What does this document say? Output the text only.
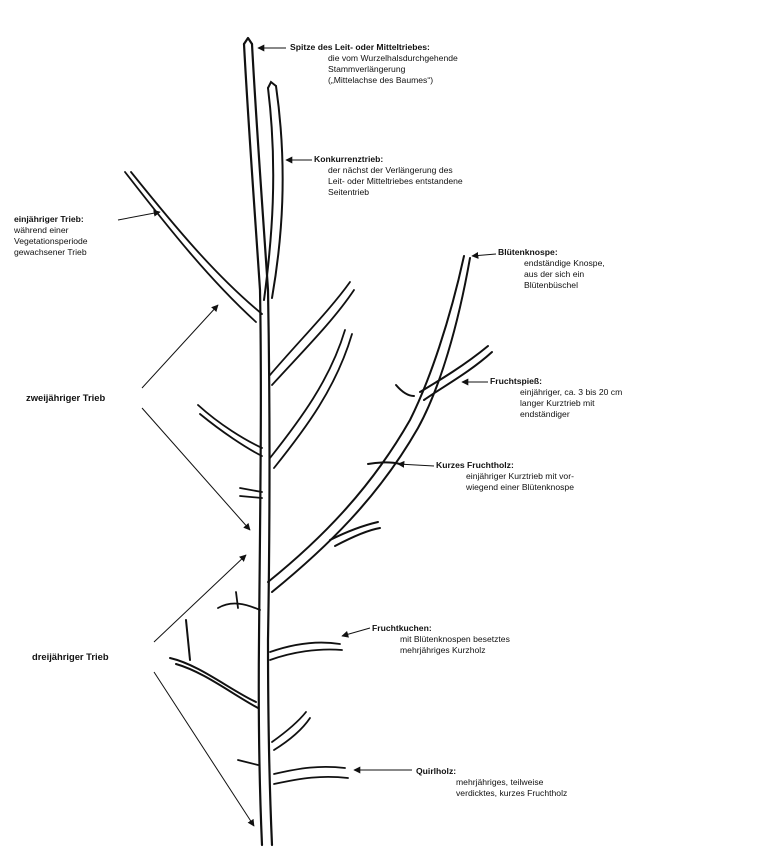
Spitze des Leit- oder Mitteltriebes:
die vom Wurzelhalsdurchgehende
Stammverlängerung
(„Mittelachse des Baumes“)
Konkurrenztrieb:
der nächst der Verlängerung des
Leit- oder Mitteltriebes entstandene
Seitentrieb
einjähriger Trieb:
während einer
Vegetationsperiode
gewachsener Trieb	Blütenknospe:
endständige Knospe,
aus der sich ein
Blütenbüschel
zweijähriger Trieb
Fruchtspieß:
einjähriger, ca. 3 bis 20 cm
langer Kurztrieb mit
endständiger
Kurzes Fruchtholz:
einjähriger Kurztrieb mit vor-
wiegend einer Blütenknospe
Fruchtkuchen:
mit Blütenknospen besetztes
mehrjähriges Kurzholz
dreijähriger Trieb
Quirlholz:
mehrjähriges, teilweise
verdicktes, kurzes Fruchtholz
